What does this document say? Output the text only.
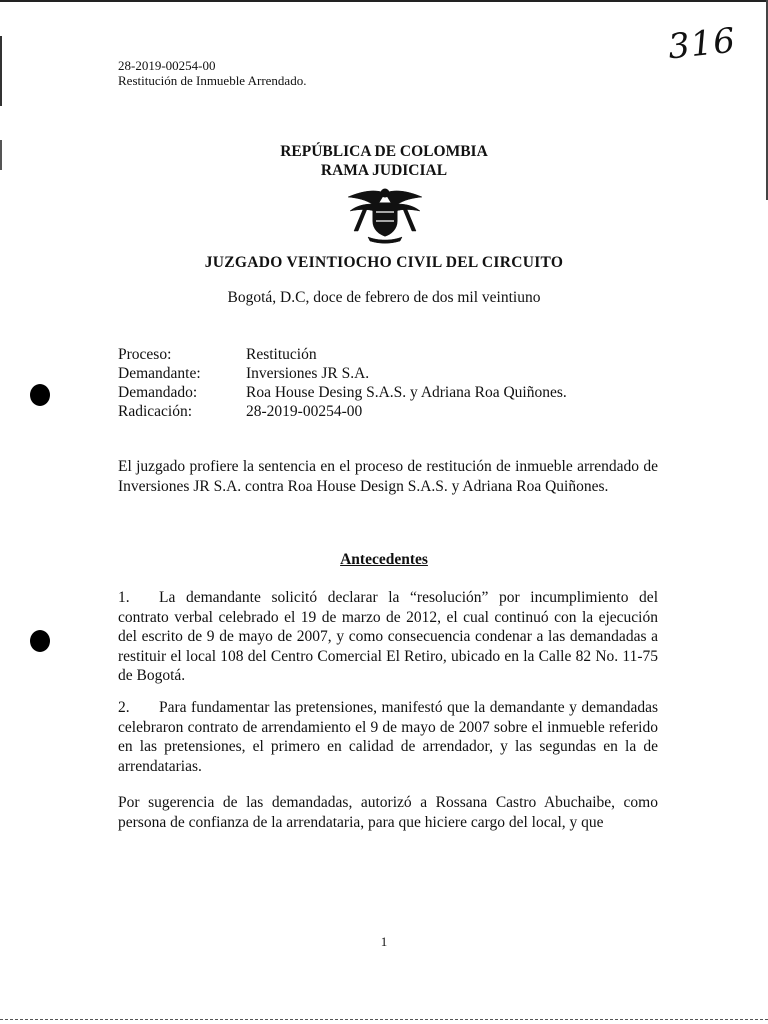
316
28-2019-00254-00
Restitución de Inmueble Arrendado.
REPÚBLICA DE COLOMBIA
RAMA JUDICIAL
JUZGADO VEINTIOCHO CIVIL DEL CIRCUITO
Bogotá, D.C, doce de febrero de dos mil veintiuno
Proceso:	Restitución
Demandante:	Inversiones JR S.A.
Demandado:	Roa House Desing S.A.S. y Adriana Roa Quiñones.
Radicación:	28-2019-00254-00

El juzgado profiere la sentencia en el proceso de restitución de inmueble arrendado de Inversiones JR S.A. contra Roa House Design S.A.S. y Adriana Roa Quiñones.

Antecedentes

1. La demandante solicitó declarar la “resolución” por incumplimiento del contrato verbal celebrado el 19 de marzo de 2012, el cual continuó con la ejecución del escrito de 9 de mayo de 2007, y como consecuencia condenar a las demandadas a restituir el local 108 del Centro Comercial El Retiro, ubicado en la Calle 82 No. 11-75 de Bogotá.

2. Para fundamentar las pretensiones, manifestó que la demandante y demandadas celebraron contrato de arrendamiento el 9 de mayo de 2007 sobre el inmueble referido en las pretensiones, el primero en calidad de arrendador, y las segundas en la de arrendatarias.

Por sugerencia de las demandadas, autorizó a Rossana Castro Abuchaibe, como persona de confianza de la arrendataria, para que hiciere cargo del local, y que

1
